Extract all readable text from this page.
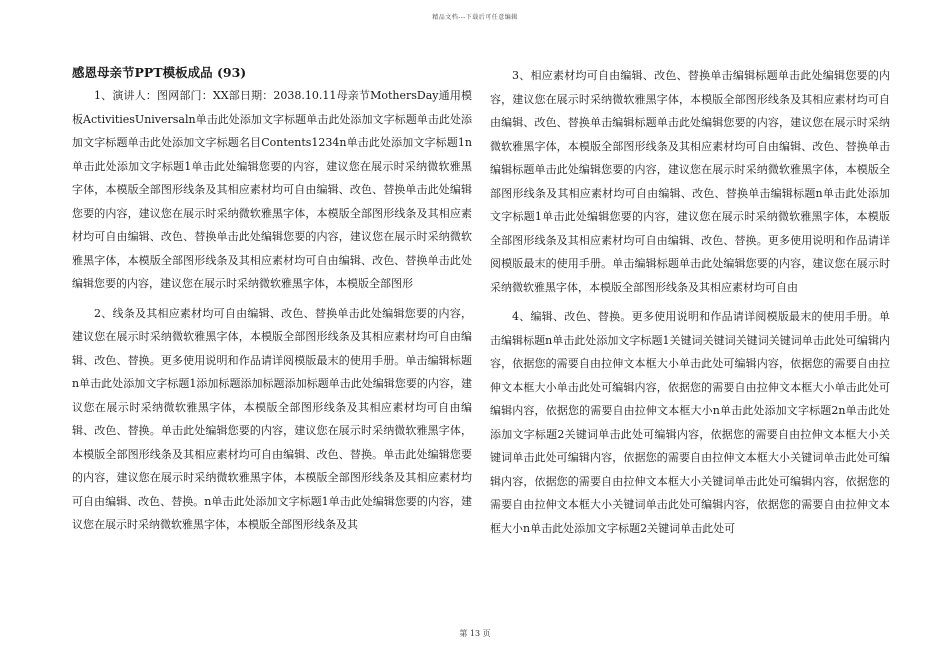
精品文档---下载后可任意编辑
感恩母亲节PPT模板成品 (93)

1、演讲人：图网部门：XX部日期：2038.10.11母亲节MothersDay通用模板ActivitiesUniversaln单击此处添加文字标题单击此处添加文字标题单击此处添加文字标题单击此处添加文字标题名目Contents1234n单击此处添加文字标题1n单击此处添加文字标题1单击此处编辑您要的内容，建议您在展示时采纳微软雅黑字体，本模版全部图形线条及其相应素材均可自由编辑、改色、替换单击此处编辑您要的内容，建议您在展示时采纳微软雅黑字体，本模版全部图形线条及其相应素材均可自由编辑、改色、替换单击此处编辑您要的内容，建议您在展示时采纳微软雅黑字体，本模版全部图形线条及其相应素材均可自由编辑、改色、替换单击此处编辑您要的内容，建议您在展示时采纳微软雅黑字体，本模版全部图形

2、线条及其相应素材均可自由编辑、改色、替换单击此处编辑您要的内容，建议您在展示时采纳微软雅黑字体，本模版全部图形线条及其相应素材均可自由编辑、改色、替换。更多使用说明和作品请详阅模版最末的使用手册。单击编辑标题n单击此处添加文字标题1添加标题添加标题添加标题单击此处编辑您要的内容，建议您在展示时采纳微软雅黑字体，本模版全部图形线条及其相应素材均可自由编辑、改色、替换。单击此处编辑您要的内容，建议您在展示时采纳微软雅黑字体，本模版全部图形线条及其相应素材均可自由编辑、改色、替换。单击此处编辑您要的内容，建议您在展示时采纳微软雅黑字体，本模版全部图形线条及其相应素材均可自由编辑、改色、替换。n单击此处添加文字标题1单击此处编辑您要的内容，建议您在展示时采纳微软雅黑字体，本模版全部图形线条及其

3、相应素材均可自由编辑、改色、替换单击编辑标题单击此处编辑您要的内容，建议您在展示时采纳微软雅黑字体，本模版全部图形线条及其相应素材均可自由编辑、改色、替换单击编辑标题单击此处编辑您要的内容，建议您在展示时采纳微软雅黑字体，本模版全部图形线条及其相应素材均可自由编辑、改色、替换单击编辑标题单击此处编辑您要的内容，建议您在展示时采纳微软雅黑字体，本模版全部图形线条及其相应素材均可自由编辑、改色、替换单击编辑标题n单击此处添加文字标题1单击此处编辑您要的内容，建议您在展示时采纳微软雅黑字体，本模版全部图形线条及其相应素材均可自由编辑、改色、替换。更多使用说明和作品请详阅模版最末的使用手册。单击编辑标题单击此处编辑您要的内容，建议您在展示时采纳微软雅黑字体，本模版全部图形线条及其相应素材均可自由

4、编辑、改色、替换。更多使用说明和作品请详阅模版最末的使用手册。单击编辑标题n单击此处添加文字标题1关键词关键词关键词关键词单击此处可编辑内容，依据您的需要自由拉伸文本框大小单击此处可编辑内容，依据您的需要自由拉伸文本框大小单击此处可编辑内容，依据您的需要自由拉伸文本框大小单击此处可编辑内容，依据您的需要自由拉伸文本框大小n单击此处添加文字标题2n单击此处添加文字标题2关键词单击此处可编辑内容，依据您的需要自由拉伸文本框大小关键词单击此处可编辑内容，依据您的需要自由拉伸文本框大小关键词单击此处可编辑内容，依据您的需要自由拉伸文本框大小关键词单击此处可编辑内容，依据您的需要自由拉伸文本框大小关键词单击此处可编辑内容，依据您的需要自由拉伸文本框大小n单击此处添加文字标题2关键词单击此处可

第 13 页
